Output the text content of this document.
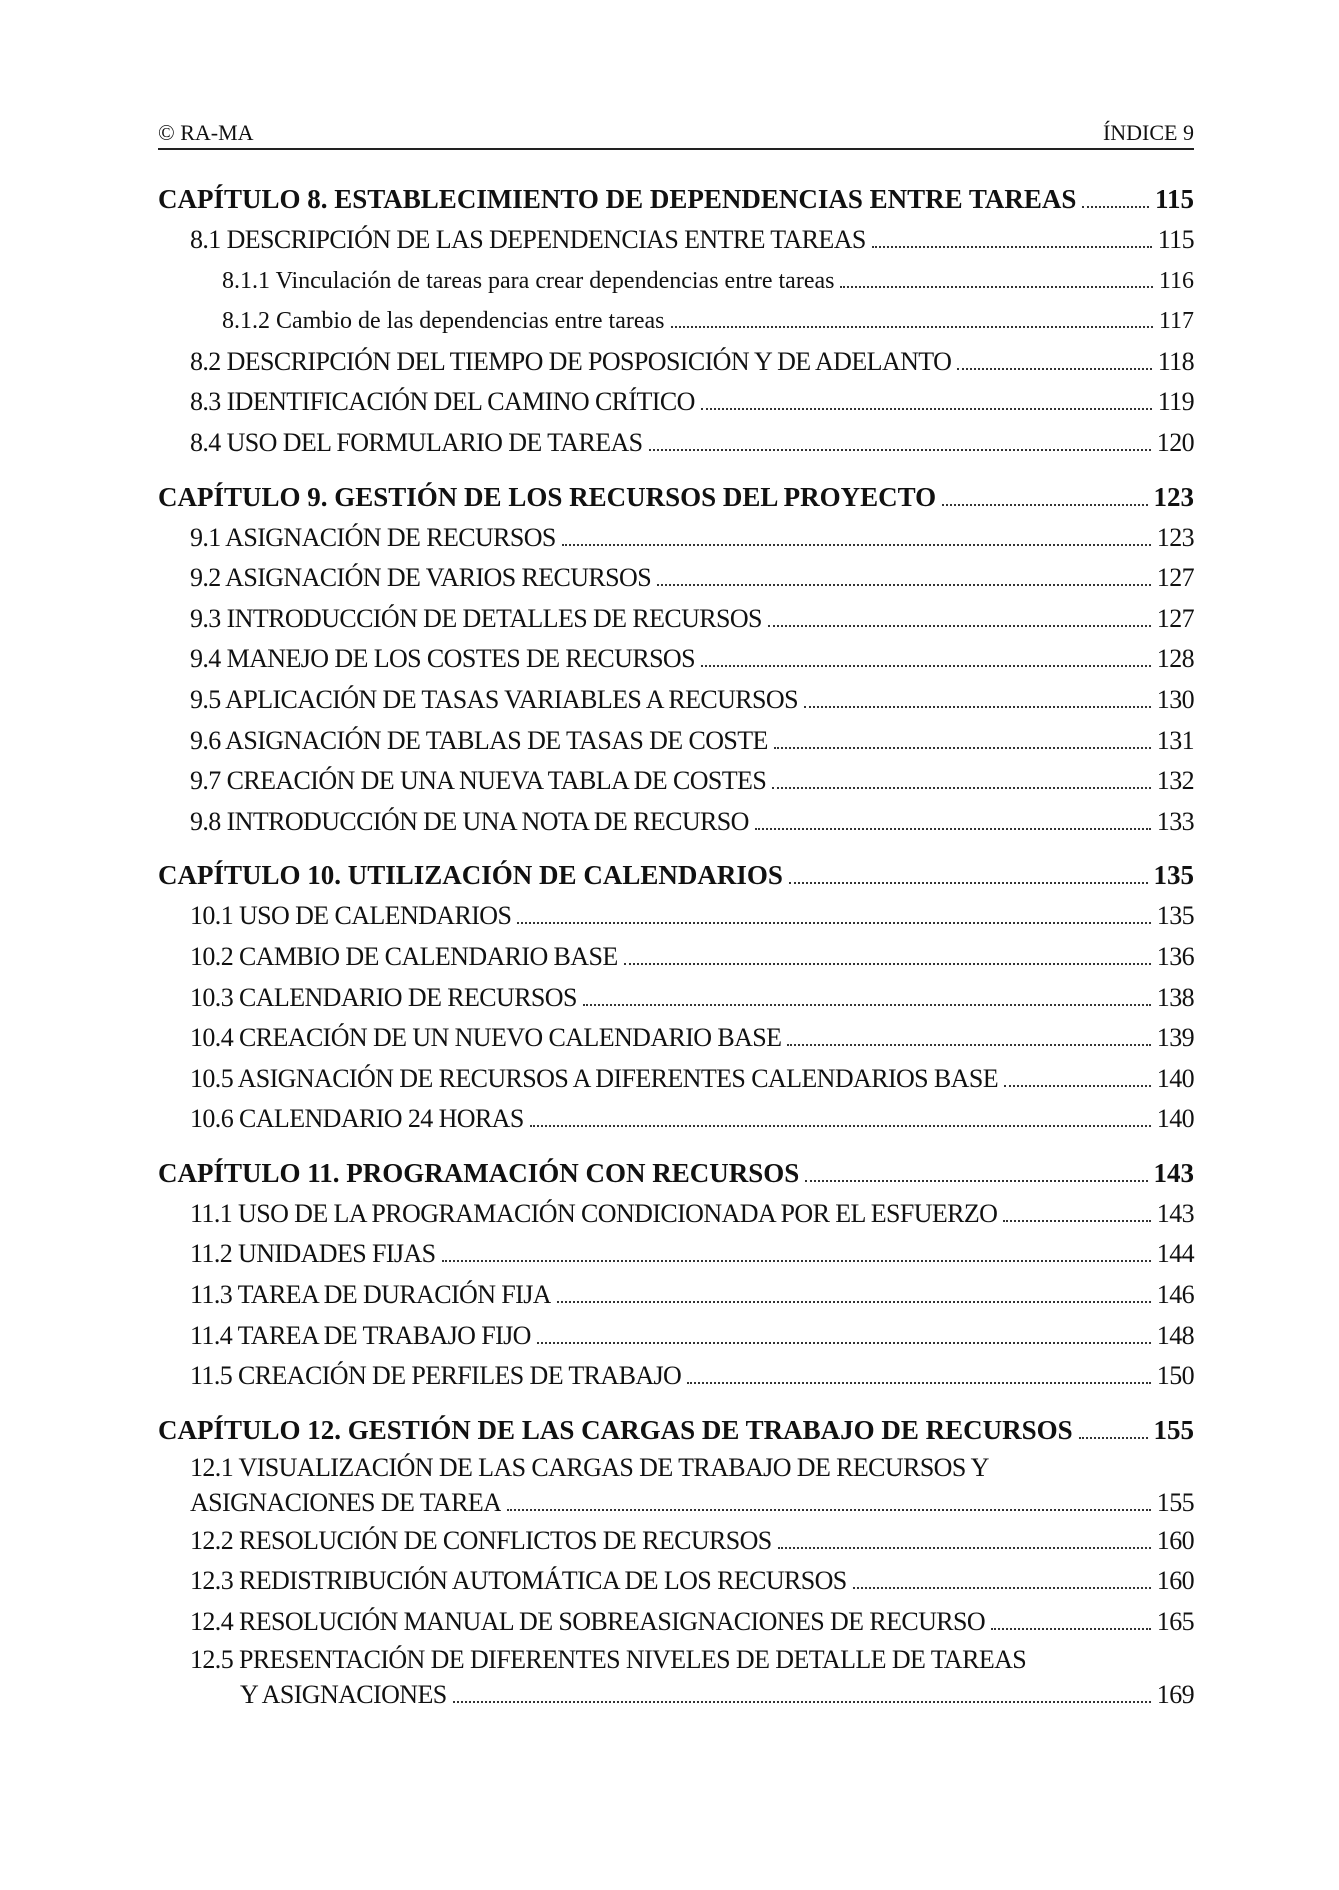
© RA-MA	ÍNDICE 9
CAPÍTULO 8. ESTABLECIMIENTO DE DEPENDENCIAS ENTRE TAREAS	115
8.1 DESCRIPCIÓN DE LAS DEPENDENCIAS ENTRE TAREAS	115
8.1.1 Vinculación de tareas para crear dependencias entre tareas	116
8.1.2 Cambio de las dependencias entre tareas	117
8.2 DESCRIPCIÓN DEL TIEMPO DE POSPOSICIÓN Y DE ADELANTO	118
8.3 IDENTIFICACIÓN DEL CAMINO CRÍTICO	119
8.4 USO DEL FORMULARIO DE TAREAS	120
CAPÍTULO 9. GESTIÓN DE LOS RECURSOS DEL PROYECTO	123
9.1 ASIGNACIÓN DE RECURSOS	123
9.2 ASIGNACIÓN DE VARIOS RECURSOS	127
9.3 INTRODUCCIÓN DE DETALLES DE RECURSOS	127
9.4 MANEJO DE LOS COSTES DE RECURSOS	128
9.5 APLICACIÓN DE TASAS VARIABLES A RECURSOS	130
9.6 ASIGNACIÓN DE TABLAS DE TASAS DE COSTE	131
9.7 CREACIÓN DE UNA NUEVA TABLA DE COSTES	132
9.8 INTRODUCCIÓN DE UNA NOTA DE RECURSO	133
CAPÍTULO 10. UTILIZACIÓN DE CALENDARIOS	135
10.1 USO DE CALENDARIOS	135
10.2 CAMBIO DE CALENDARIO BASE	136
10.3 CALENDARIO DE RECURSOS	138
10.4 CREACIÓN DE UN NUEVO CALENDARIO BASE	139
10.5 ASIGNACIÓN DE RECURSOS A DIFERENTES CALENDARIOS BASE	140
10.6 CALENDARIO 24 HORAS	140
CAPÍTULO 11. PROGRAMACIÓN CON RECURSOS	143
11.1 USO DE LA PROGRAMACIÓN CONDICIONADA POR EL ESFUERZO	143
11.2 UNIDADES FIJAS	144
11.3 TAREA DE DURACIÓN FIJA	146
11.4 TAREA DE TRABAJO FIJO	148
11.5 CREACIÓN DE PERFILES DE TRABAJO	150
CAPÍTULO 12. GESTIÓN DE LAS CARGAS DE TRABAJO DE RECURSOS	155
12.1 VISUALIZACIÓN DE LAS CARGAS DE TRABAJO DE RECURSOS Y
ASIGNACIONES DE TAREA	155
12.2 RESOLUCIÓN DE CONFLICTOS DE RECURSOS	160
12.3 REDISTRIBUCIÓN AUTOMÁTICA DE LOS RECURSOS	160
12.4 RESOLUCIÓN MANUAL DE SOBREASIGNACIONES DE RECURSO	165
12.5 PRESENTACIÓN DE DIFERENTES NIVELES DE DETALLE DE TAREAS
Y ASIGNACIONES	169
